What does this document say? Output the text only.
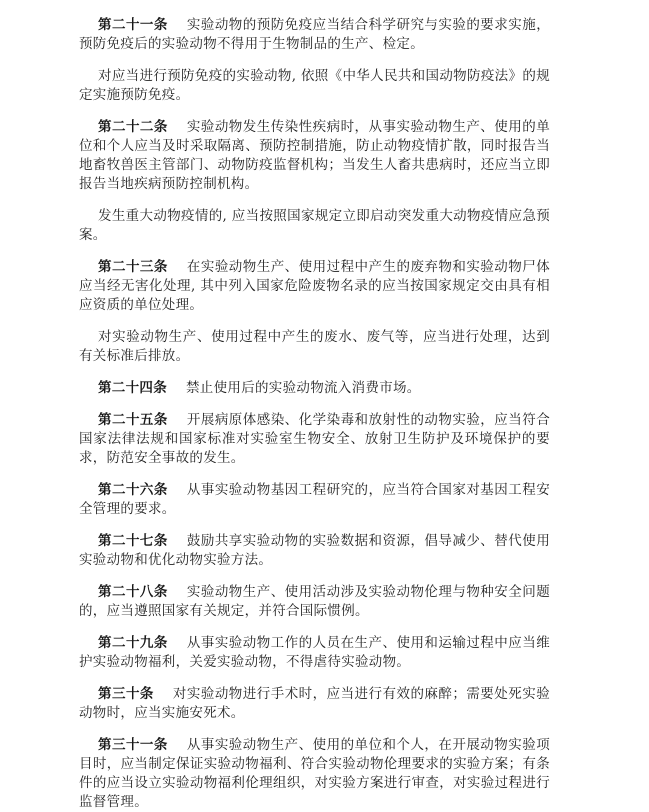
第二十一条 实验动物的预防免疫应当结合科学研究与实验的要求实施，预防免疫后的实验动物不得用于生物制品的生产、检定。

对应当进行预防免疫的实验动物, 依照《中华人民共和国动物防疫法》的规定实施预防免疫。

第二十二条 实验动物发生传染性疾病时，从事实验动物生产、使用的单位和个人应当及时采取隔离、预防控制措施，防止动物疫情扩散，同时报告当地畜牧兽医主管部门、动物防疫监督机构；当发生人畜共患病时，还应当立即报告当地疾病预防控制机构。

发生重大动物疫情的, 应当按照国家规定立即启动突发重大动物疫情应急预案。

第二十三条 在实验动物生产、使用过程中产生的废弃物和实验动物尸体应当经无害化处理, 其中列入国家危险废物名录的应当按国家规定交由具有相应资质的单位处理。

对实验动物生产、使用过程中产生的废水、废气等，应当进行处理，达到有关标准后排放。

第二十四条 禁止使用后的实验动物流入消费市场。

第二十五条 开展病原体感染、化学染毒和放射性的动物实验，应当符合国家法律法规和国家标准对实验室生物安全、放射卫生防护及环境保护的要求，防范安全事故的发生。

第二十六条 从事实验动物基因工程研究的，应当符合国家对基因工程安全管理的要求。

第二十七条 鼓励共享实验动物的实验数据和资源，倡导减少、替代使用实验动物和优化动物实验方法。

第二十八条 实验动物生产、使用活动涉及实验动物伦理与物种安全问题的，应当遵照国家有关规定，并符合国际惯例。

第二十九条 从事实验动物工作的人员在生产、使用和运输过程中应当维护实验动物福利，关爱实验动物，不得虐待实验动物。

第三十条 对实验动物进行手术时，应当进行有效的麻醉；需要处死实验动物时，应当实施安死术。

第三十一条 从事实验动物生产、使用的单位和个人，在开展动物实验项目时，应当制定保证实验动物福利、符合实验动物伦理要求的实验方案；有条件的应当设立实验动物福利伦理组织，对实验方案进行审查，对实验过程进行监督管理。
